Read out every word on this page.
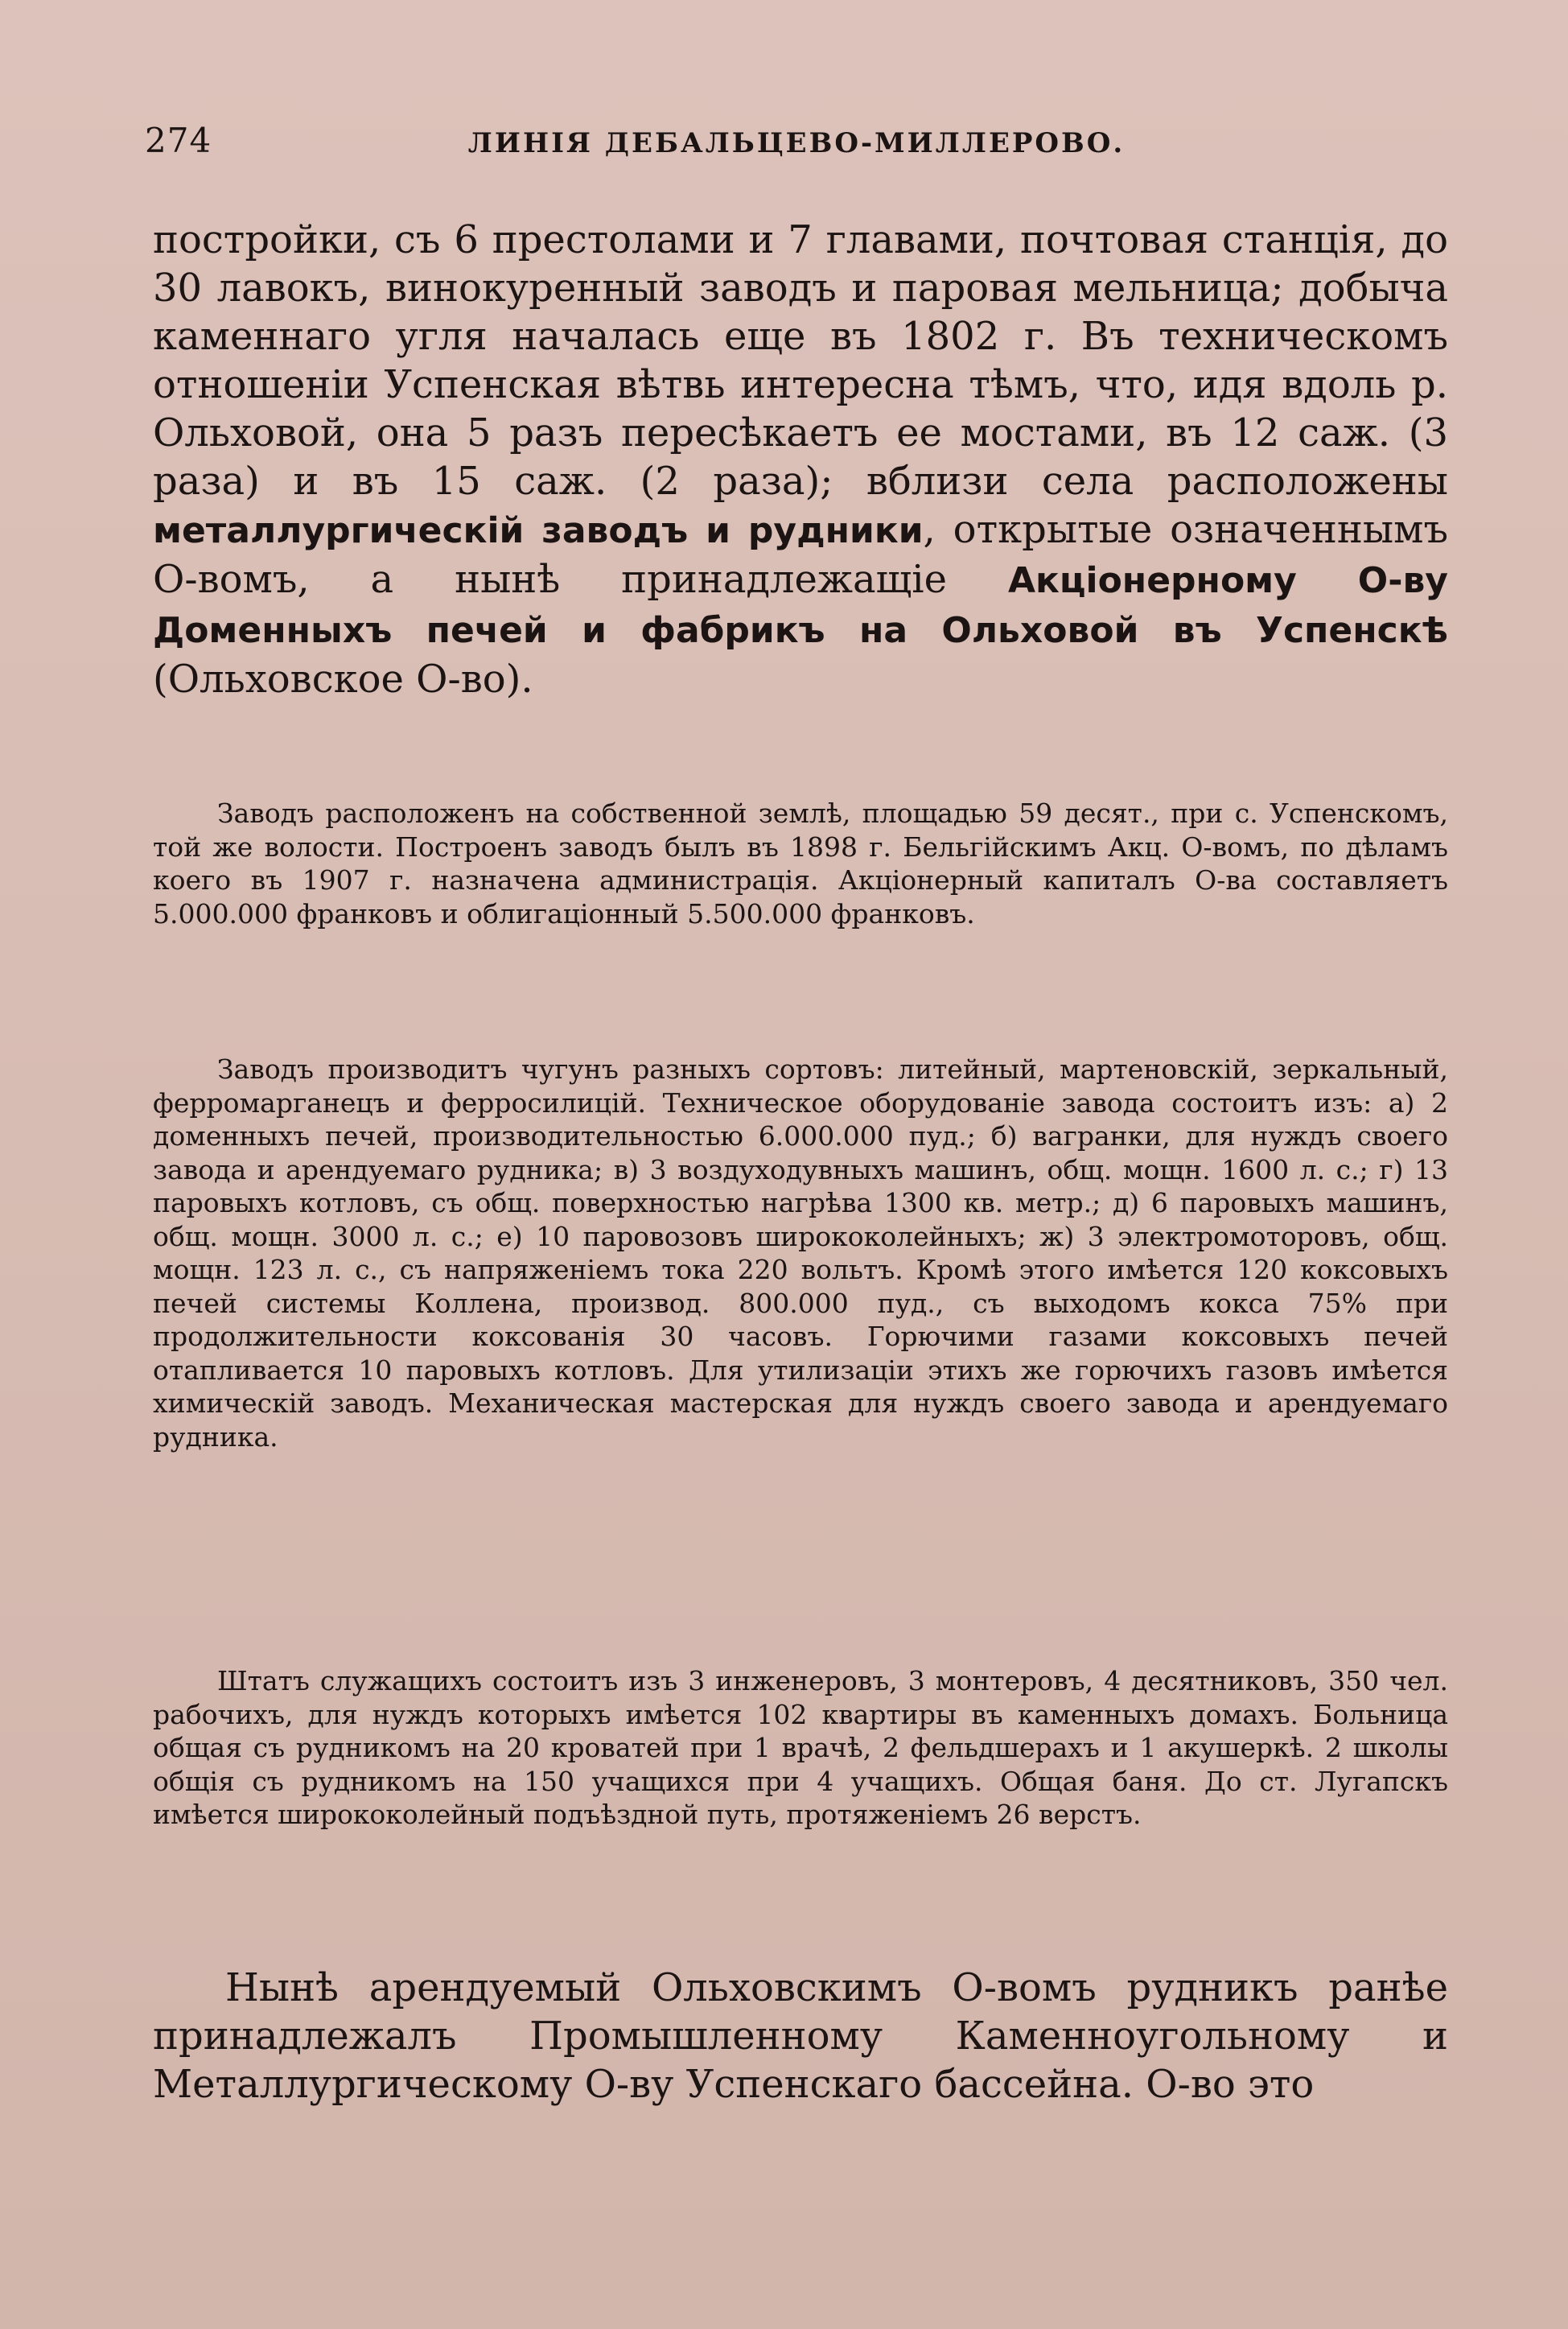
274	ЛИНІЯ ДЕБАЛЬЦЕВО-МИЛЛЕРОВО.

постройки, съ 6 престолами и 7 главами, почтовая станція, до 30 лавокъ, винокуренный заводъ и паровая мельница; добыча каменнаго угля началась еще въ 1802 г. Въ техническомъ отношеніи Успенская вѣтвь интересна тѣмъ, что, идя вдоль р. Ольховой, она 5 разъ пересѣкаетъ ее мостами, въ 12 саж. (3 раза) и въ 15 саж. (2 раза); вблизи села расположены металлургическій заводъ и рудники, открытые означеннымъ О-вомъ, а нынѣ принадлежащіе Акціонерному О-ву Доменныхъ печей и фабрикъ на Ольховой въ Успенскѣ (Ольховское О-во).

Заводъ расположенъ на собственной землѣ, площадью 59 десят., при с. Успенскомъ, той же волости. Построенъ заводъ былъ въ 1898 г. Бельгійскимъ Акц. О-вомъ, по дѣламъ коего въ 1907 г. назначена администрація. Акціонерный капиталъ О-ва составляетъ 5.000.000 франковъ и облигаціонный 5.500.000 франковъ.

Заводъ производитъ чугунъ разныхъ сортовъ: литейный, мартеновскій, зеркальный, ферромарганецъ и ферросилицій. Техническое оборудованіе завода состоитъ изъ: а) 2 доменныхъ печей, производительностью 6.000.000 пуд.; б) вагранки, для нуждъ своего завода и арендуемаго рудника; в) 3 воздуходувныхъ машинъ, общ. мощн. 1600 л. с.; г) 13 паровыхъ котловъ, съ общ. поверхностью нагрѣва 1300 кв. метр.; д) 6 паровыхъ машинъ, общ. мощн. 3000 л. с.; е) 10 паровозовъ ширококолейныхъ; ж) 3 электромоторовъ, общ. мощн. 123 л. с., съ напряженіемъ тока 220 вольтъ. Кромѣ этого имѣется 120 коксовыхъ печей системы Коллена, производ. 800.000 пуд., съ выходомъ кокса 75% при продолжительности коксованія 30 часовъ. Горючими газами коксовыхъ печей отапливается 10 паровыхъ котловъ. Для утилизаціи этихъ же горючихъ газовъ имѣется химическій заводъ. Механическая мастерская для нуждъ своего завода и арендуемаго рудника.

Штатъ служащихъ состоитъ изъ 3 инженеровъ, 3 монтеровъ, 4 десятниковъ, 350 чел. рабочихъ, для нуждъ которыхъ имѣется 102 квартиры въ каменныхъ домахъ. Больница общая съ рудникомъ на 20 кроватей при 1 врачѣ, 2 фельдшерахъ и 1 акушеркѣ. 2 школы общія съ рудникомъ на 150 учащихся при 4 учащихъ. Общая баня. До ст. Лугапскъ имѣется ширококолейный подъѣздной путь, протяженіемъ 26 верстъ.

Нынѣ арендуемый Ольховскимъ О-вомъ рудникъ ранѣе принадлежалъ Промышленному Каменноугольному и Металлургическому О-ву Успенскаго бассейна. О-во это
